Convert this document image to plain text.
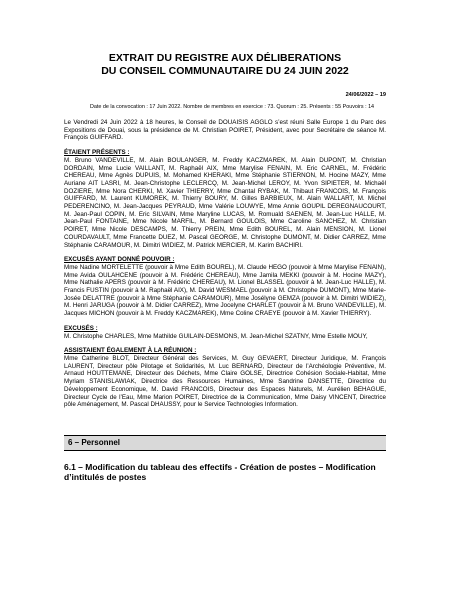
EXTRAIT DU REGISTRE AUX DÉLIBERATIONS

DU CONSEIL COMMUNAUTAIRE DU 24 JUIN 2022

24/06/2022 – 19

Date de la convocation : 17 Juin 2022. Nombre de membres en exercice : 73. Quorum : 25. Présents : 55 Pouvoirs : 14

Le Vendredi 24 Juin 2022 à 18 heures, le Conseil de DOUAISIS AGGLO s’est réuni Salle Europe 1 du Parc des Expositions de Douai, sous la présidence de M. Christian POIRET, Président, avec pour Secrétaire de séance M. François GUIFFARD.

ÉTAIENT PRÉSENTS :

M. Bruno VANDEVILLE, M. Alain BOULANGER, M. Freddy KACZMAREK, M. Alain DUPONT, M. Christian DORDAIN, Mme Lucie VAILLANT, M. Raphaël AIX, Mme Marylise FENAIN, M. Eric CARNEL, M. Frédéric CHEREAU, Mme Agnès DUPUIS, M. Mohamed KHERAKI, Mme Stéphanie STIERNON, M. Hocine MAZY, Mme Auriane AIT LASRI, M. Jean-Christophe LECLERCQ, M. Jean-Michel LEROY, M. Yvon SIPIETER, M. Michaël DOZIERE, Mme Nora CHERKI, M. Xavier THIERRY, Mme Chantal RYBAK, M. Thibaut FRANCOIS, M. François GUIFFARD, M. Laurent KUMOREK, M. Thierry BOURY, M. Gilles BARBIEUX, M. Alain WALLART, M. Michel PEDERENCINO, M. Jean-Jacques PEYRAUD, Mme Valérie LOUWYE, Mme Annie GOUPIL DEREGNAUCOURT, M. Jean-Paul COPIN, M. Eric SILVAIN, Mme Maryline LUCAS, M. Romuald SAENEN, M. Jean-Luc HALLE, M. Jean-Paul FONTAINE, Mme Nicole MARFIL, M. Bernard GOULOIS, Mme Caroline SANCHEZ, M. Christian POIRET, Mme Nicole DESCAMPS, M. Thierry PREIN, Mme Edith BOUREL, M. Alain MENSION, M. Lionel COURDAVAULT, Mme Francette DUEZ, M. Pascal GEORGE, M. Christophe DUMONT, M. Didier CARREZ, Mme Stéphanie CARAMOUR, M. Dimitri WIDIEZ, M. Patrick MERCIER, M. Karim BACHIRI.

EXCUSÉS AYANT DONNÉ POUVOIR :

Mme Nadine MORTELETTE (pouvoir à Mme Edith BOUREL), M. Claude HEGO (pouvoir à Mme Marylise FENAIN), Mme Avida OULAHCENE (pouvoir à M. Frédéric CHEREAU), Mme Jamila MEKKI (pouvoir à M. Hocine MAZY), Mme Nathalie APERS (pouvoir à M. Frédéric CHEREAU), M. Lionel BLASSEL (pouvoir à M. Jean-Luc HALLE), M. Francis FUSTIN (pouvoir à M. Raphaël AIX), M. David WESMAEL (pouvoir à M. Christophe DUMONT), Mme Marie-Josée DELATTRE (pouvoir à Mme Stéphanie CARAMOUR), Mme Josélyne GEMZA (pouvoir à M. Dimitri WIDIEZ), M. Henri JARUGA (pouvoir à M. Didier CARREZ), Mme Jocelyne CHARLET (pouvoir à M. Bruno VANDEVILLE), M. Jacques MICHON (pouvoir à M. Freddy KACZMAREK), Mme Coline CRAEYE (pouvoir à M. Xavier THIERRY).

EXCUSÉS :

M. Christophe CHARLES, Mme Mathilde GUILAIN-DESMONS, M. Jean-Michel SZATNY, Mme Estelle MOUY,

ASSISTAIENT ÉGALEMENT À LA RÉUNION :

Mme Catherine BLOT, Directeur Général des Services, M. Guy GEVAERT, Directeur Juridique, M. François LAURENT, Directeur pôle Pilotage et Solidarités, M. Luc BERNARD, Directeur de l’Archéologie Préventive, M. Arnaud HOUTTEMANE, Directeur des Déchets, Mme Claire GOLSE, Directrice Cohésion Sociale-Habitat, Mme Myriam STANISLAWIAK, Directrice des Ressources Humaines, Mme Sandrine DANSETTE, Directrice du Développement Economique, M. David FRANCOIS, Directeur des Espaces Naturels, M. Aurélien BEHAGUE, Directeur Cycle de l’Eau, Mme Marion POIRET, Directrice de la Communication, Mme Daisy VINCENT, Directrice pôle Aménagement, M. Pascal DHAUSSY, pour le Service Technologies Information.

6 – Personnel

6.1 – Modification du tableau des effectifs - Création de postes – Modification d’intitulés de postes
